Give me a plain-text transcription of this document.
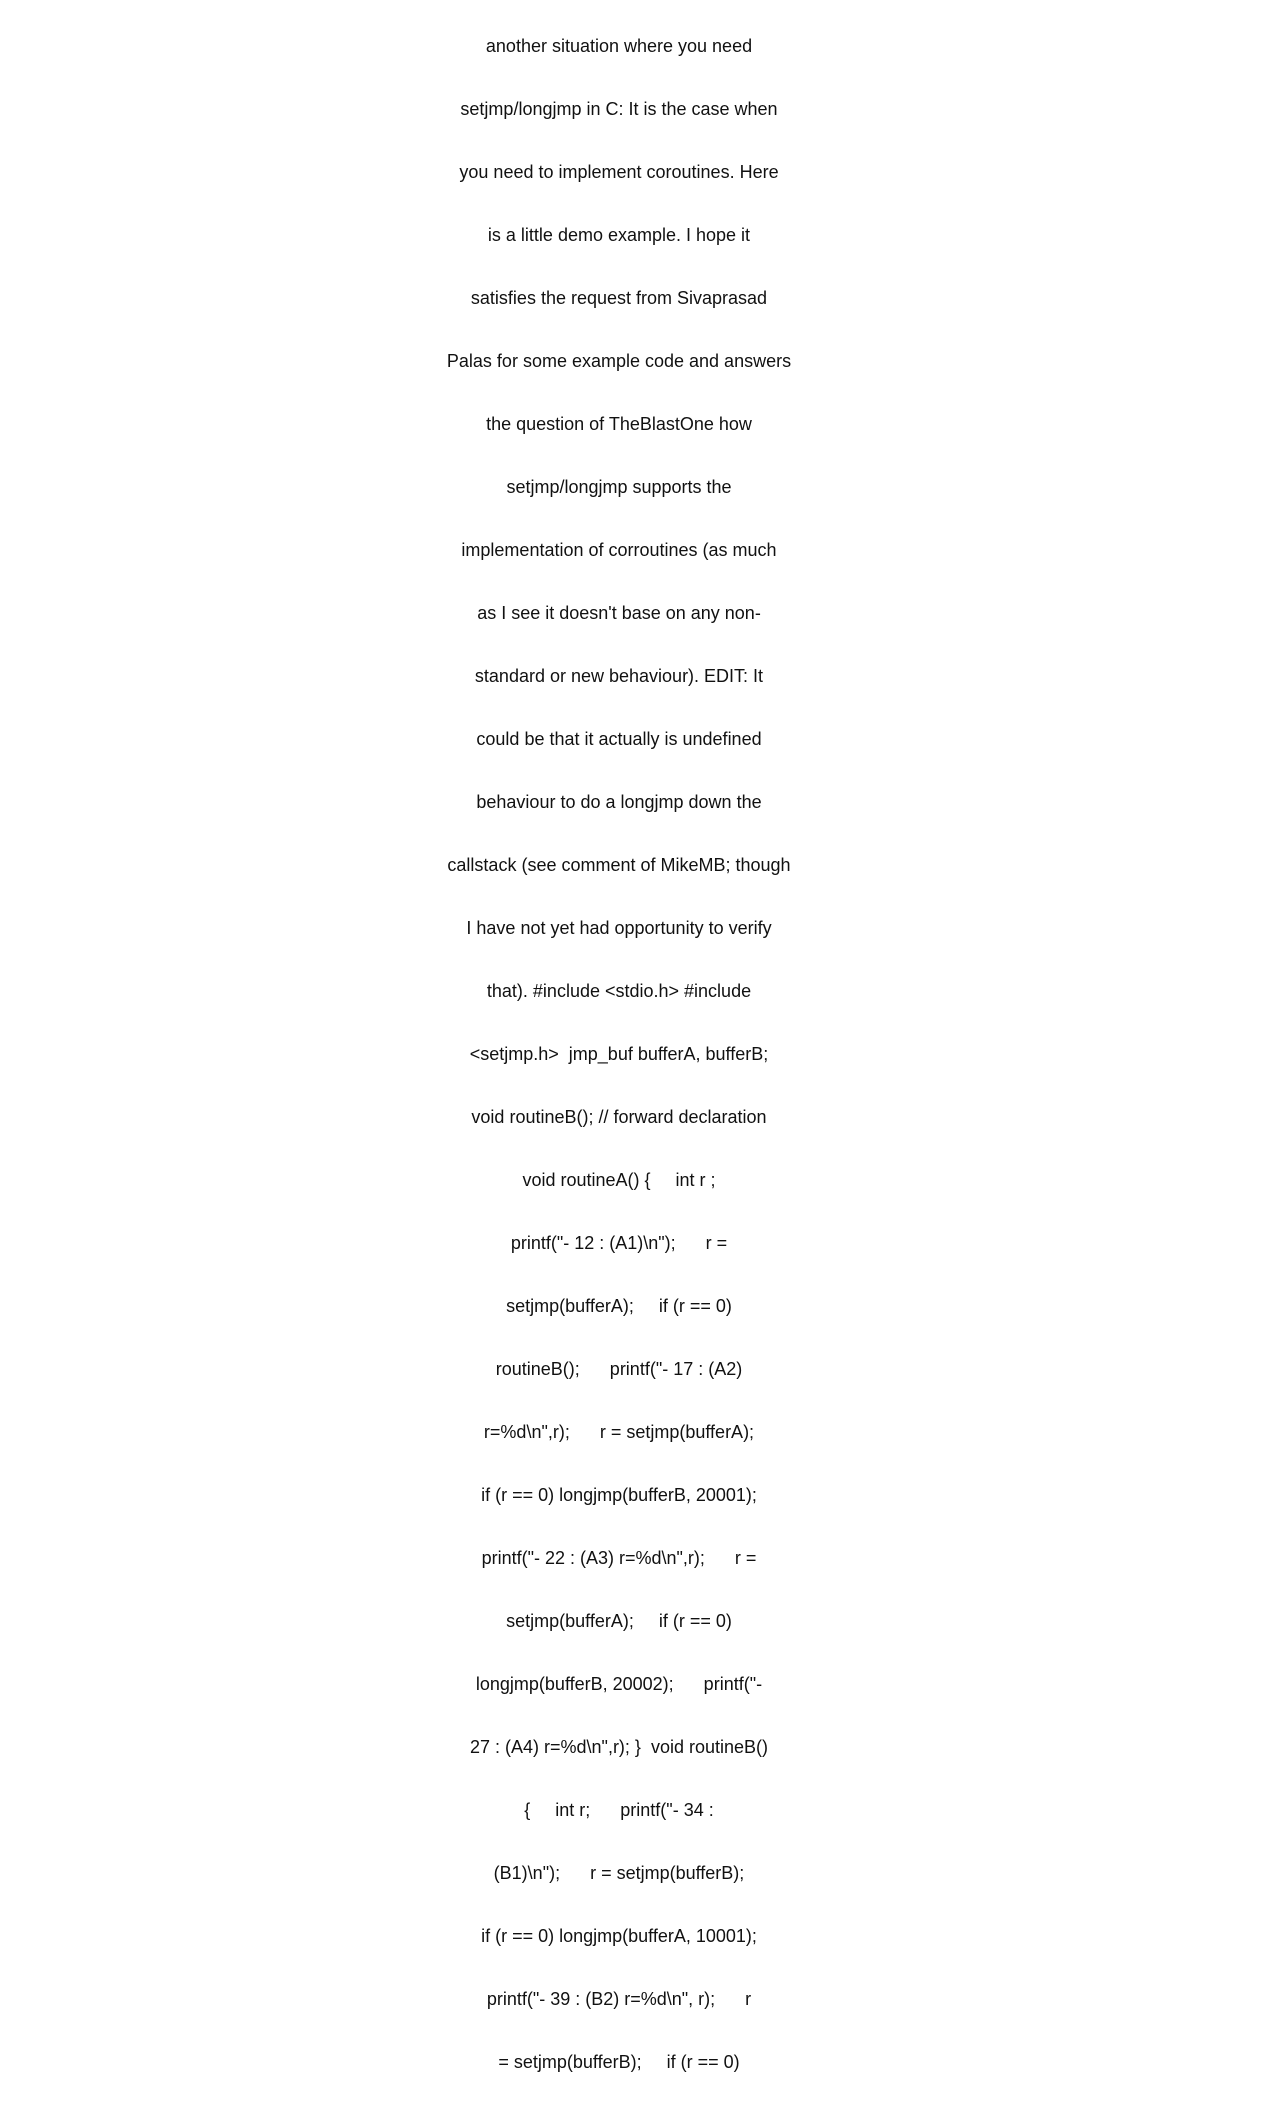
another situation where you need

setjmp/longjmp in C: It is the case when

you need to implement coroutines. Here

is a little demo example. I hope it

satisfies the request from Sivaprasad

Palas for some example code and answers

the question of TheBlastOne how

setjmp/longjmp supports the

implementation of corroutines (as much

as I see it doesn't base on any non-

standard or new behaviour). EDIT: It

could be that it actually is undefined

behaviour to do a longjmp down the

callstack (see comment of MikeMB; though

I have not yet had opportunity to verify

that). #include <stdio.h> #include

<setjmp.h>  jmp_buf bufferA, bufferB;

void routineB(); // forward declaration

void routineA() {     int r ;

printf("- 12 : (A1)\n");      r =

setjmp(bufferA);     if (r == 0)

routineB();      printf("- 17 : (A2)

r=%d\n",r);      r = setjmp(bufferA);

if (r == 0) longjmp(bufferB, 20001);

printf("- 22 : (A3) r=%d\n",r);      r =

setjmp(bufferA);     if (r == 0)

longjmp(bufferB, 20002);      printf("-

27 : (A4) r=%d\n",r); }  void routineB()

{     int r;      printf("- 34 :

(B1)\n");      r = setjmp(bufferB);

if (r == 0) longjmp(bufferA, 10001);

printf("- 39 : (B2) r=%d\n", r);      r

= setjmp(bufferB);     if (r == 0)
